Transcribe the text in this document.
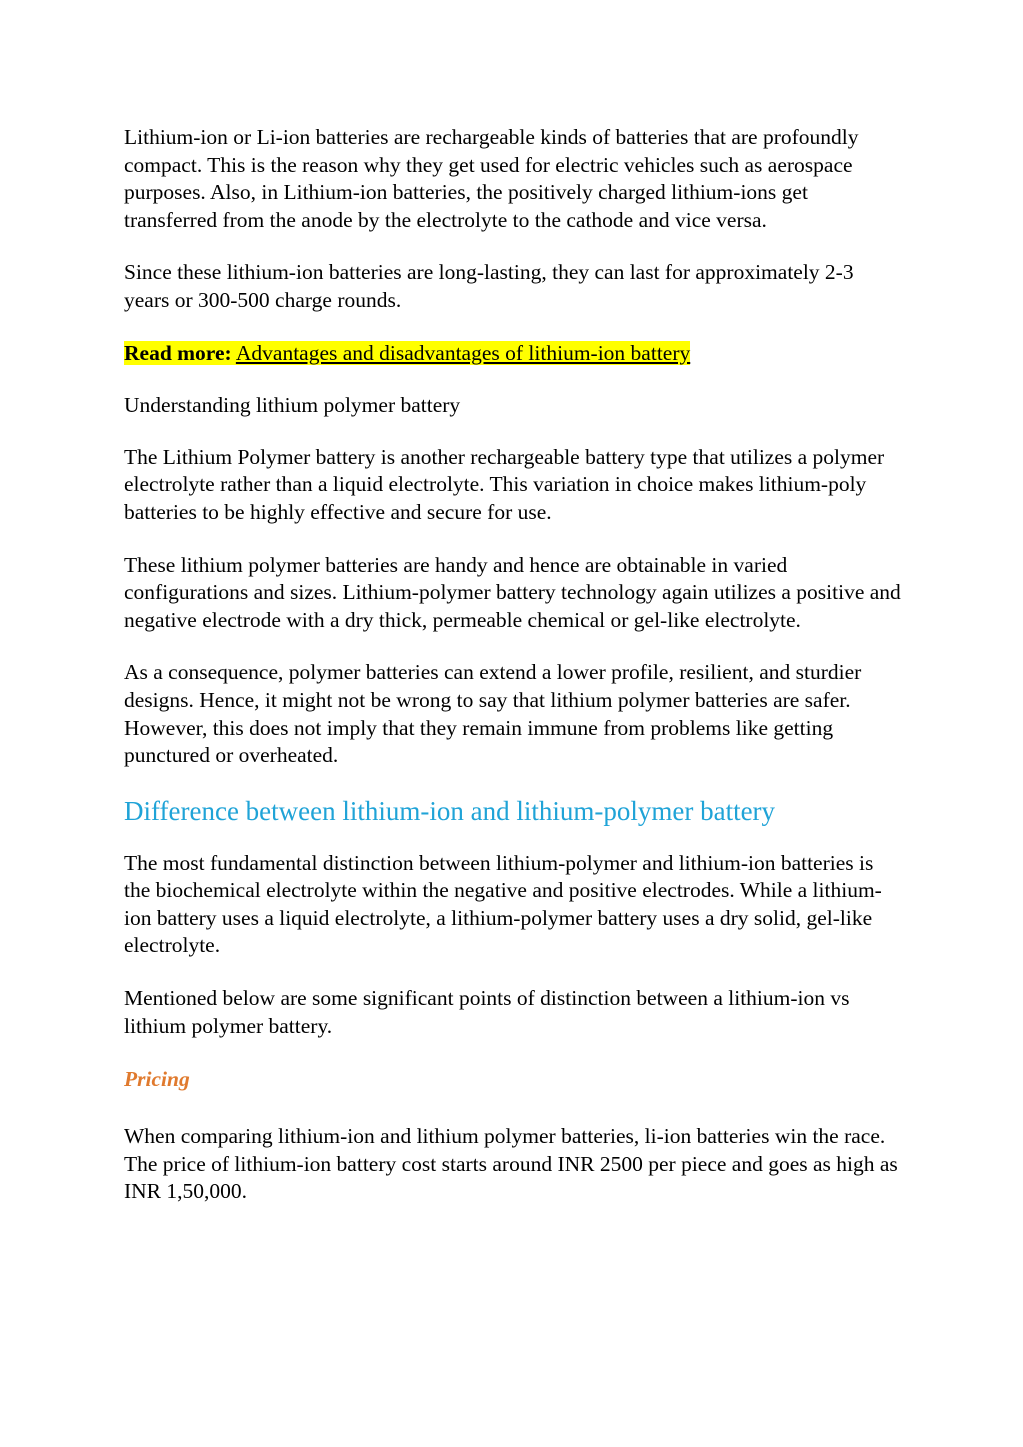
Lithium-ion or Li-ion batteries are rechargeable kinds of batteries that are profoundly compact. This is the reason why they get used for electric vehicles such as aerospace purposes. Also, in Lithium-ion batteries, the positively charged lithium-ions get transferred from the anode by the electrolyte to the cathode and vice versa.

Since these lithium-ion batteries are long-lasting, they can last for approximately 2-3 years or 300-500 charge rounds.

Read more: Advantages and disadvantages of lithium-ion battery

Understanding lithium polymer battery

The Lithium Polymer battery is another rechargeable battery type that utilizes a polymer electrolyte rather than a liquid electrolyte. This variation in choice makes lithium-poly batteries to be highly effective and secure for use.

These lithium polymer batteries are handy and hence are obtainable in varied configurations and sizes. Lithium-polymer battery technology again utilizes a positive and negative electrode with a dry thick, permeable chemical or gel-like electrolyte.

As a consequence, polymer batteries can extend a lower profile, resilient, and sturdier designs. Hence, it might not be wrong to say that lithium polymer batteries are safer. However, this does not imply that they remain immune from problems like getting punctured or overheated.

Difference between lithium-ion and lithium-polymer battery

The most fundamental distinction between lithium-polymer and lithium-ion batteries is the biochemical electrolyte within the negative and positive electrodes. While a lithium-ion battery uses a liquid electrolyte, a lithium-polymer battery uses a dry solid, gel-like electrolyte.

Mentioned below are some significant points of distinction between a lithium-ion vs lithium polymer battery.

Pricing

When comparing lithium-ion and lithium polymer batteries, li-ion batteries win the race. The price of lithium-ion battery cost starts around INR 2500 per piece and goes as high as INR 1,50,000.
